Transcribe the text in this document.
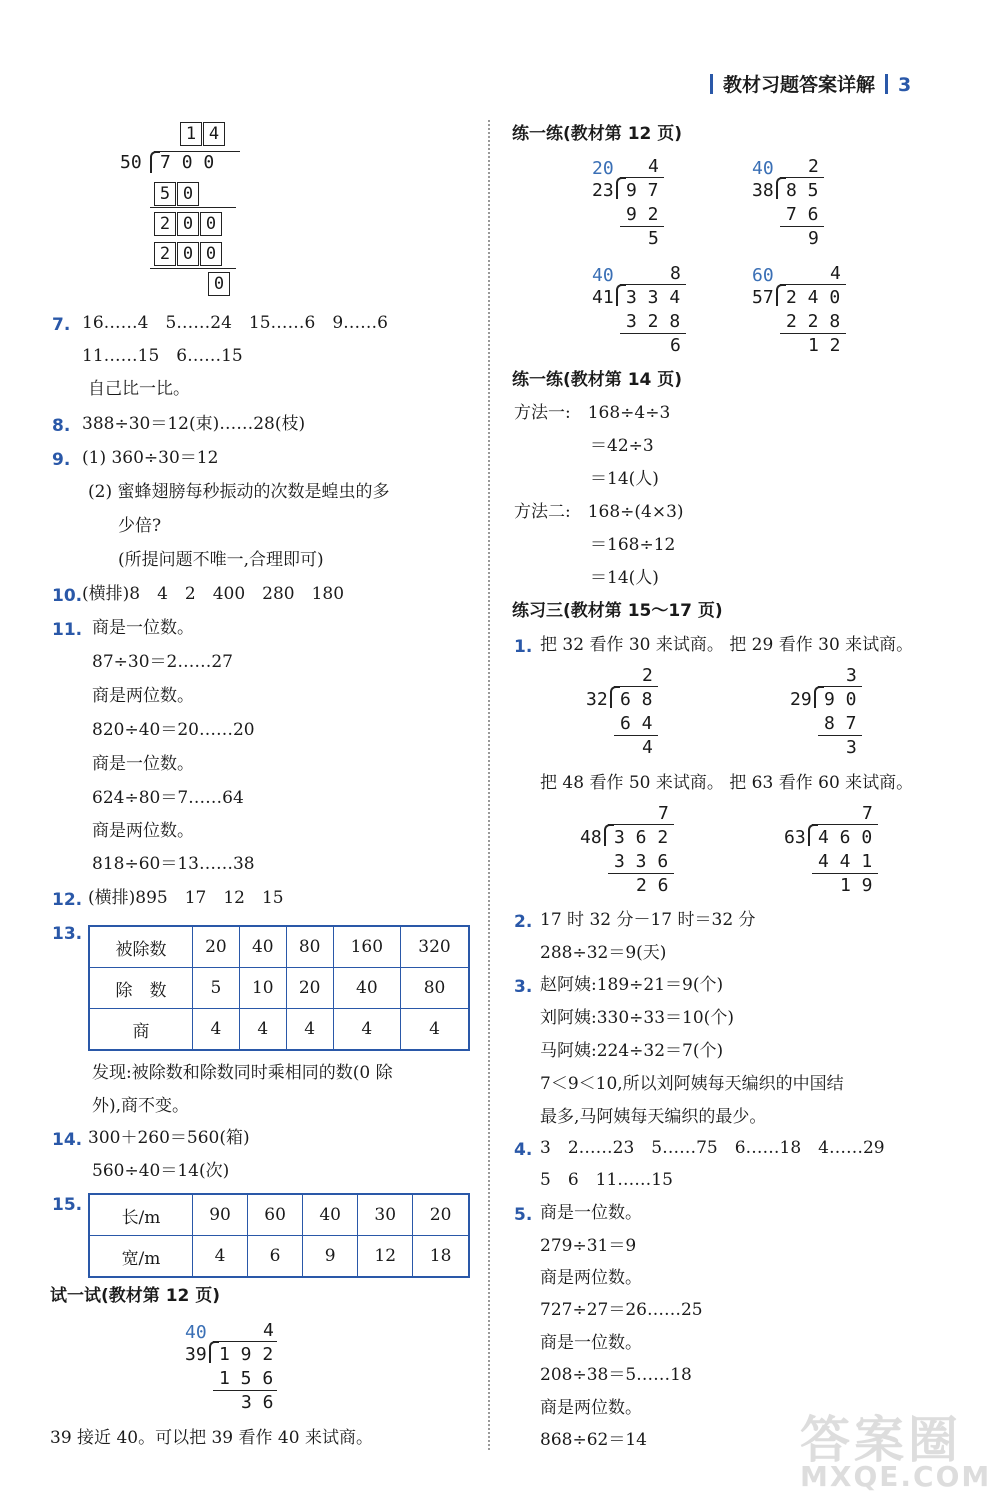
教材习题答案详解 3
1 4
50 7 0 0
5 0
2 0 0
2 0 0
0
7. 16……4　5……24　15……6　9……6
11……15　6……15
自己比一比。
8. 388÷30＝12(束)……28(枝)
9. (1) 360÷30＝12
(2) 蜜蜂翅膀每秒振动的次数是蝗虫的多
少倍?
(所提问题不唯一,合理即可)
10. (横排)8　4　2　400　280　180
11. 商是一位数。
87÷30＝2……27
商是两位数。
820÷40＝20……20
商是一位数。
624÷80＝7……64
商是两位数。
818÷60＝13……38
12. (横排)895　17　12　15
13.
被除数	20	40	80	160	320
除　数	5	10	20	40	80
商	4	4	4	4	4
发现:被除数和除数同时乘相同的数(0 除
外),商不变。
14. 300＋260＝560(箱)
560÷40＝14(次)
15.
长/m	90	60	40	30	20
宽/m	4	6	9	12	18
试一试(教材第 12 页)
40	4
39 1 9 2
1 5 6
3 6
39 接近 40。可以把 39 看作 40 来试商。
练一练(教材第 12 页)
20 4
23 9 7
9 2
5
40 2
38 8 5
7 6
9
40	8
41 3 3 4
3 2 8
6
60	4
57 2 4 0
2 2 8
1 2
练一练(教材第 14 页)
方法一:　168÷4÷3
＝42÷3
＝14(人)
方法二:　168÷(4×3)
＝168÷12
＝14(人)
练习三(教材第 15～17 页)
1. 把 32 看作 30 来试商。 把 29 看作 30 来试商。
2
32 6 8
6 4
4
3
29 9 0
8 7
3
把 48 看作 50 来试商。 把 63 看作 60 来试商。
7
48 3 6 2
3 3 6
2 6
7
63 4 6 0
4 4 1
1 9
2. 17 时 32 分－17 时＝32 分
288÷32＝9(天)
3. 赵阿姨:189÷21＝9(个)
刘阿姨:330÷33＝10(个)
马阿姨:224÷32＝7(个)
7＜9＜10,所以刘阿姨每天编织的中国结
最多,马阿姨每天编织的最少。
4. 3　2……23　5……75　6……18　4……29
5　6　11……15
5. 商是一位数。
279÷31＝9
商是两位数。
727÷27＝26……25
商是一位数。
208÷38＝5……18
商是两位数。
868÷62＝14	答案圈
MXQE.COM
